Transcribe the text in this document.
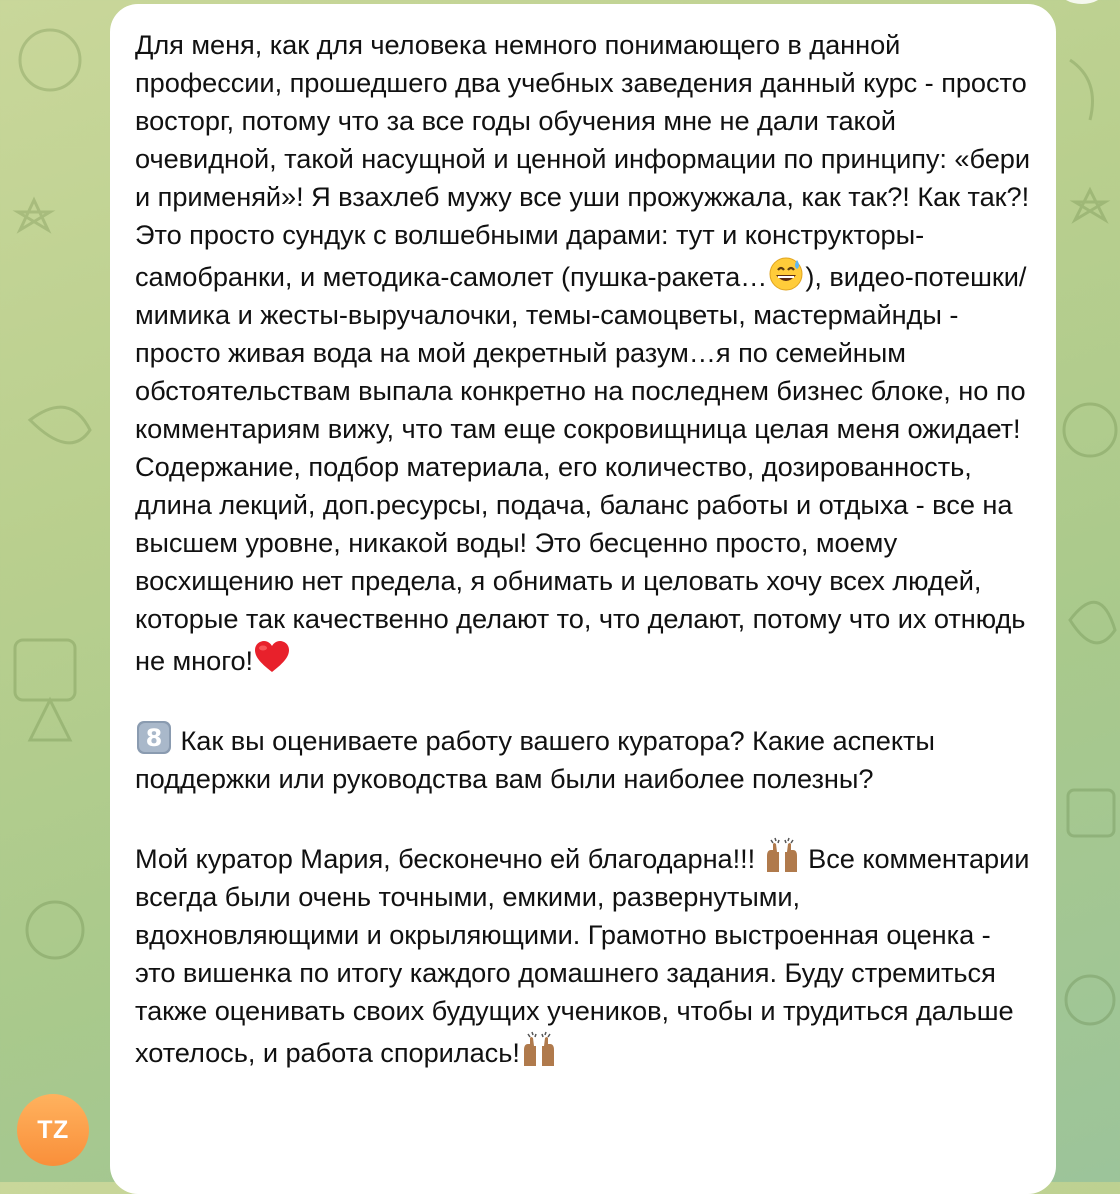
Для меня, как для человека немного понимающего в данной профессии, прошедшего два учебных заведения данный курс - просто восторг, потому что за все годы обучения мне не дали такой очевидной, такой насущной и ценной информации по принципу: «бери и применяй»! Я взахлеб мужу все уши прожужжала, как так?! Как так?! Это просто сундук с волшебными дарами: тут и конструкторы-самобранки, и методика-самолет (пушка-ракета… ), видео-потешки/мимика и жесты-выручалочки, темы-самоцветы, мастермайнды - просто живая вода на мой декретный разум…я по семейным обстоятельствам выпала конкретно на последнем бизнес блоке, но по комментариям вижу, что там еще сокровищница целая меня ожидает!
Содержание, подбор материала, его количество, дозированность, длина лекций, доп.ресурсы, подача, баланс работы и отдыха - все на высшем уровне, никакой воды! Это бесценно просто, моему восхищению нет предела, я обнимать и целовать хочу всех людей, которые так качественно делают то, что делают, потому что их отнюдь не много!
8 Как вы оцениваете работу вашего куратора? Какие аспекты поддержки или руководства вам были наиболее полезны?
Мой куратор Мария, бесконечно ей благодарна!!!
Все комментарии всегда были очень точными, емкими, развернутыми, вдохновляющими и окрыляющими. Грамотно выстроенная оценка - это вишенка по итогу каждого домашнего задания. Буду стремиться также оценивать своих будущих учеников, чтобы и трудиться дальше хотелось, и работа спорилась!

TZ
